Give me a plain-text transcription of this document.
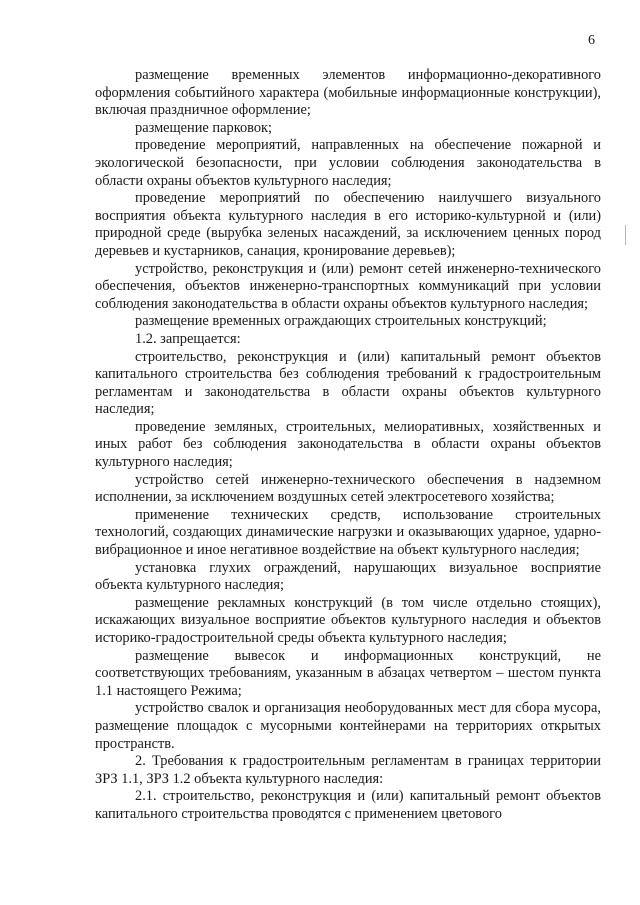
6

размещение временных элементов информационно-декоративного оформления событийного характера (мобильные информационные конструкции), включая праздничное оформление;

размещение парковок;

проведение мероприятий, направленных на обеспечение пожарной и экологической безопасности, при условии соблюдения законодательства в области охраны объектов культурного наследия;

проведение мероприятий по обеспечению наилучшего визуального восприятия объекта культурного наследия в его историко-культурной и (или) природной среде (вырубка зеленых насаждений, за исключением ценных пород деревьев и кустарников, санация, кронирование деревьев);

устройство, реконструкция и (или) ремонт сетей инженерно-технического обеспечения, объектов инженерно-транспортных коммуникаций при условии соблюдения законодательства в области охраны объектов культурного наследия;

размещение временных ограждающих строительных конструкций;

1.2. запрещается:

строительство, реконструкция и (или) капитальный ремонт объектов капитального строительства без соблюдения требований к градостроительным регламентам и законодательства в области охраны объектов культурного наследия;

проведение земляных, строительных, мелиоративных, хозяйственных и иных работ без соблюдения законодательства в области охраны объектов культурного наследия;

устройство сетей инженерно-технического обеспечения в надземном исполнении, за исключением воздушных сетей электросетевого хозяйства;

применение технических средств, использование строительных технологий, создающих динамические нагрузки и оказывающих ударное, ударно-вибрационное и иное негативное воздействие на объект культурного наследия;

установка глухих ограждений, нарушающих визуальное восприятие объекта культурного наследия;

размещение рекламных конструкций (в том числе отдельно стоящих), искажающих визуальное восприятие объектов культурного наследия и объектов историко-градостроительной среды объекта культурного наследия;

размещение вывесок и информационных конструкций, не соответствующих требованиям, указанным в абзацах четвертом – шестом пункта 1.1 настоящего Режима;

устройство свалок и организация необорудованных мест для сбора мусора, размещение площадок с мусорными контейнерами на территориях открытых пространств.

2. Требования к градостроительным регламентам в границах территории ЗРЗ 1.1, ЗРЗ 1.2 объекта культурного наследия:

2.1. строительство, реконструкция и (или) капитальный ремонт объектов капитального строительства проводятся с применением цветового
